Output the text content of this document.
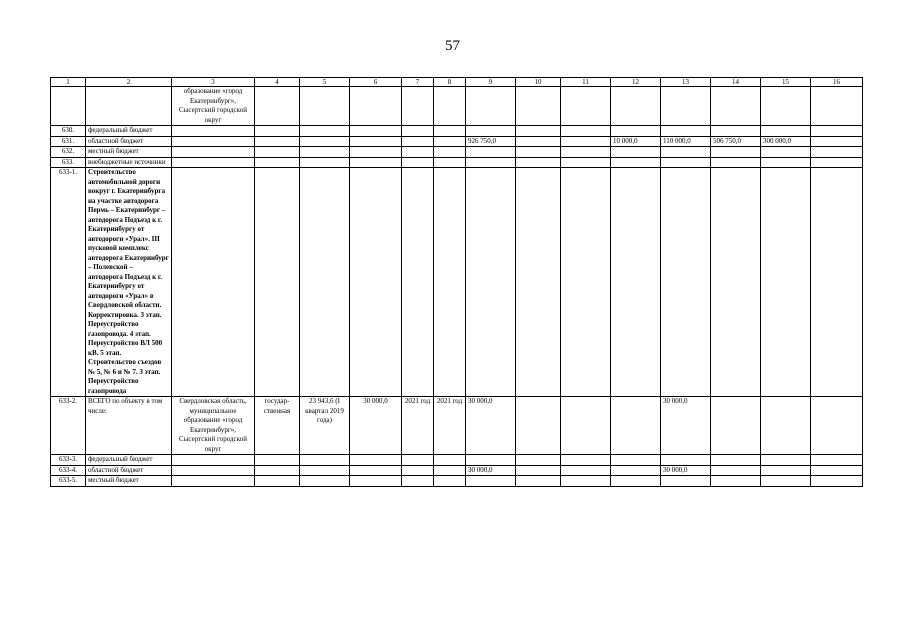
57
1	2	3	4	5	6	7	8	9	10	11	12	13	14	15	16
		образование «город Екатеринбург», Сысертский городской округ													
630.	федеральный бюджет														
631.	областной бюджет							926 750,0			10 000,0	110 000,0	506 750,0	300 000,0	
632.	местный бюджет														
633.	внебюджетные источники														
633-1.	Строительство автомобильной дороги вокруг г. Екатеринбурга на участке автодорога Пермь – Екатеринбург – автодорога Подъезд к г. Екатеринбургу от автодороги «Урал». III пусковой комплекс автодорога Екатеринбург – Полевской – автодорога Подъезд к г. Екатеринбургу от автодороги «Урал» в Свердловской области. Корректировка. 3 этап. Переустройство газопровода. 4 этап. Переустройство ВЛ 500 кВ. 5 этап. Строительство съездов № 5, № 6 и № 7. 3 этап. Переустройство газопровода														
633-2.	ВСЕГО по объекту в том числе:	Свердловская область, муниципальное образование «город Екатеринбург», Сысертский городской округ	государ-ственная	23 943,6 (I квартал 2019 года)	30 000,0	2021 год	2021 год	30 000,0				30 000,0			
633-3.	федеральный бюджет														
633-4.	областной бюджет							30 000,0				30 000,0			
633-5.	местный бюджет														
